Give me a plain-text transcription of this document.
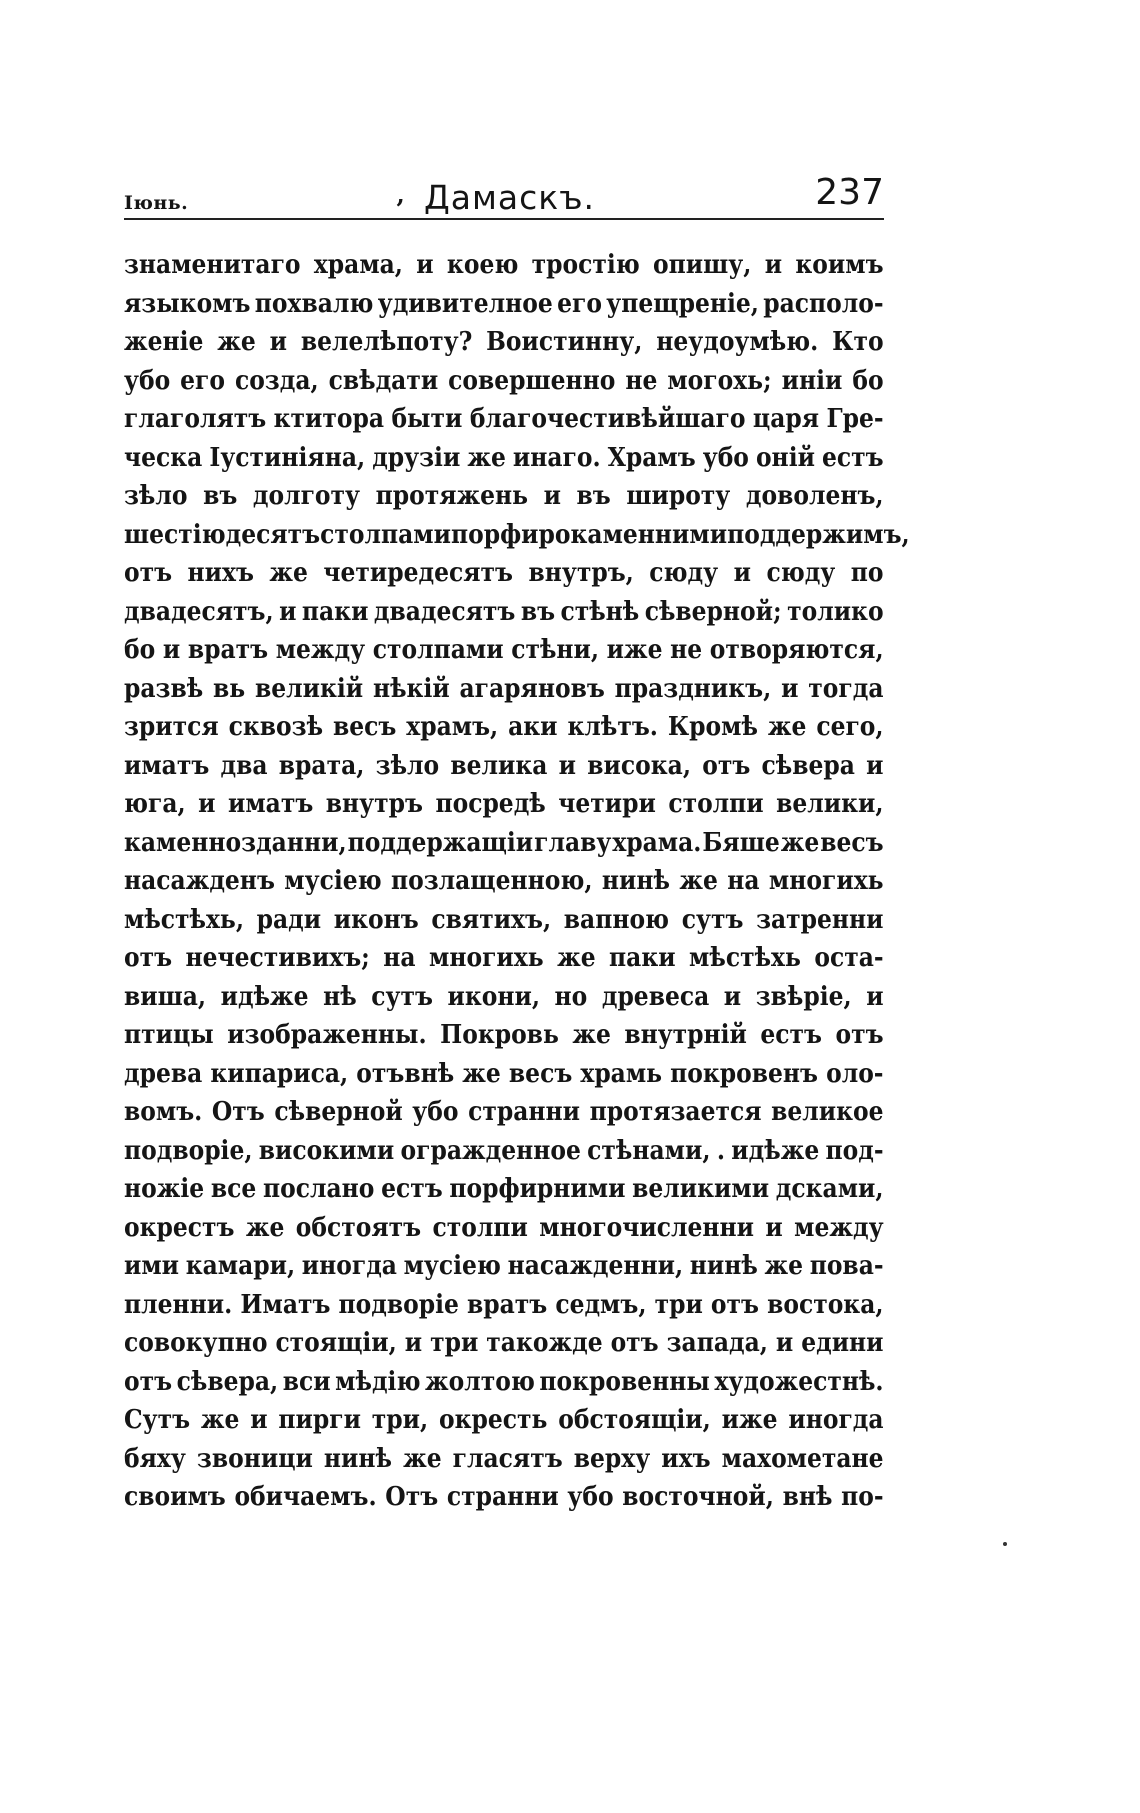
Іюнь.	‚ Дамаскъ.	237
знаменитаго храма, и коею тростію опишу, и коимъ
языкомъ похвалю удивителное его упещреніе, располо-
женіе же и велелѣпоту? Воистинну, неудоумѣю. Кто
убо его созда, свѣдати совершенно не могохь; иніи бо
глаголятъ ктитора быти благочестивѣйшаго царя Гре-
ческа Іустиніяна, друзіи же инаго. Храмъ убо оній естъ
зѣло въ долготу протяжень и въ широту доволенъ,
шестіюдесятъ столпами порфирокаменними поддержимъ,
отъ нихъ же четиредесятъ внутръ, сюду и сюду по
двадесятъ, и паки двадесятъ въ стѣнѣ сѣверной; толико
бо и вратъ между столпами стѣни, иже не отворяются,
развѣ вь великій нѣкій агаряновъ праздникъ, и тогда
зрится сквозѣ весъ храмъ, аки клѣтъ. Кромѣ же сего,
иматъ два врата, зѣло велика и висока, отъ сѣвера и
юга, и иматъ внутръ посредѣ четири столпи велики,
каменнозданни, поддержащіи главу храма. Бяше же весъ
насажденъ мусіею позлащенною, нинѣ же на многихь
мѣстѣхь, ради иконъ святихъ, вапною сутъ затренни
отъ нечестивихъ; на многихь же паки мѣстѣхь оста-
виша, идѣже нѣ сутъ икони, но древеса и звѣріе, и
птицы изображенны. Покровь же внутрній естъ отъ
древа кипариса, отъвнѣ же весъ храмь покровенъ оло-
вомъ. Отъ сѣверной убо странни протязается великое
подворіе, високими огражденное стѣнами, . идѣже под-
ножіе все послано естъ порфирними великими дсками,
окрестъ же обстоятъ столпи многочисленни и между
ими камари, иногда мусіею насажденни, нинѣ же пова-
пленни. Иматъ подворіе вратъ седмъ, три отъ востока,
совокупно стоящіи, и три такожде отъ запада, и едини
отъ сѣвера, вси мѣдію жолтою покровенны художестнѣ.
Сутъ же и пирги три, окресть обстоящіи, иже иногда
бяху звоници нинѣ же гласятъ верху ихъ махометане
своимъ обичаемъ. Отъ странни убо восточной, внѣ по-
